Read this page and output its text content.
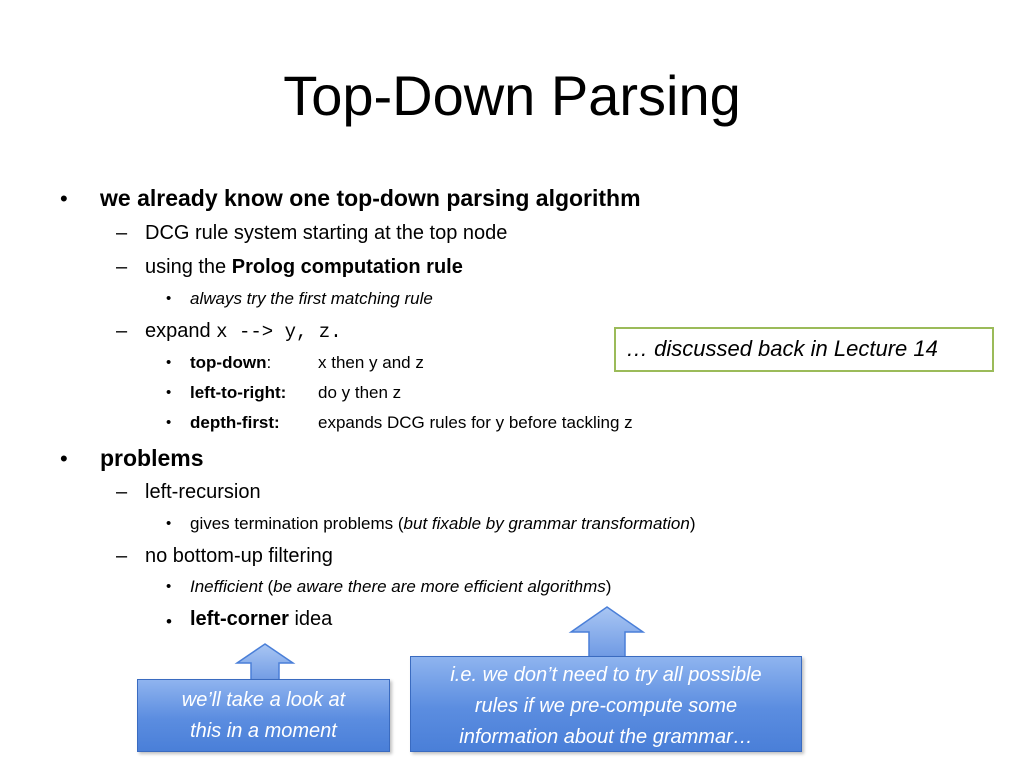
Top-Down Parsing
• we already know one top-down parsing algorithm
– DCG rule system starting at the top node
– using the Prolog computation rule
• always try the first matching rule
– expand x --> y, z.
• top-down:	x then y and z
• left-to-right: do y then z
• depth-first: expands DCG rules for y before tackling z
• problems
– left-recursion
• gives termination problems (but fixable by grammar transformation)
– no bottom-up filtering
• Inefficient (be aware there are more efficient algorithms)
• left-corner idea
… discussed back in Lecture 14
we’ll take a look at
this in a moment
i.e. we don’t need to try all possible
rules if we pre-compute some
information about the grammar…
